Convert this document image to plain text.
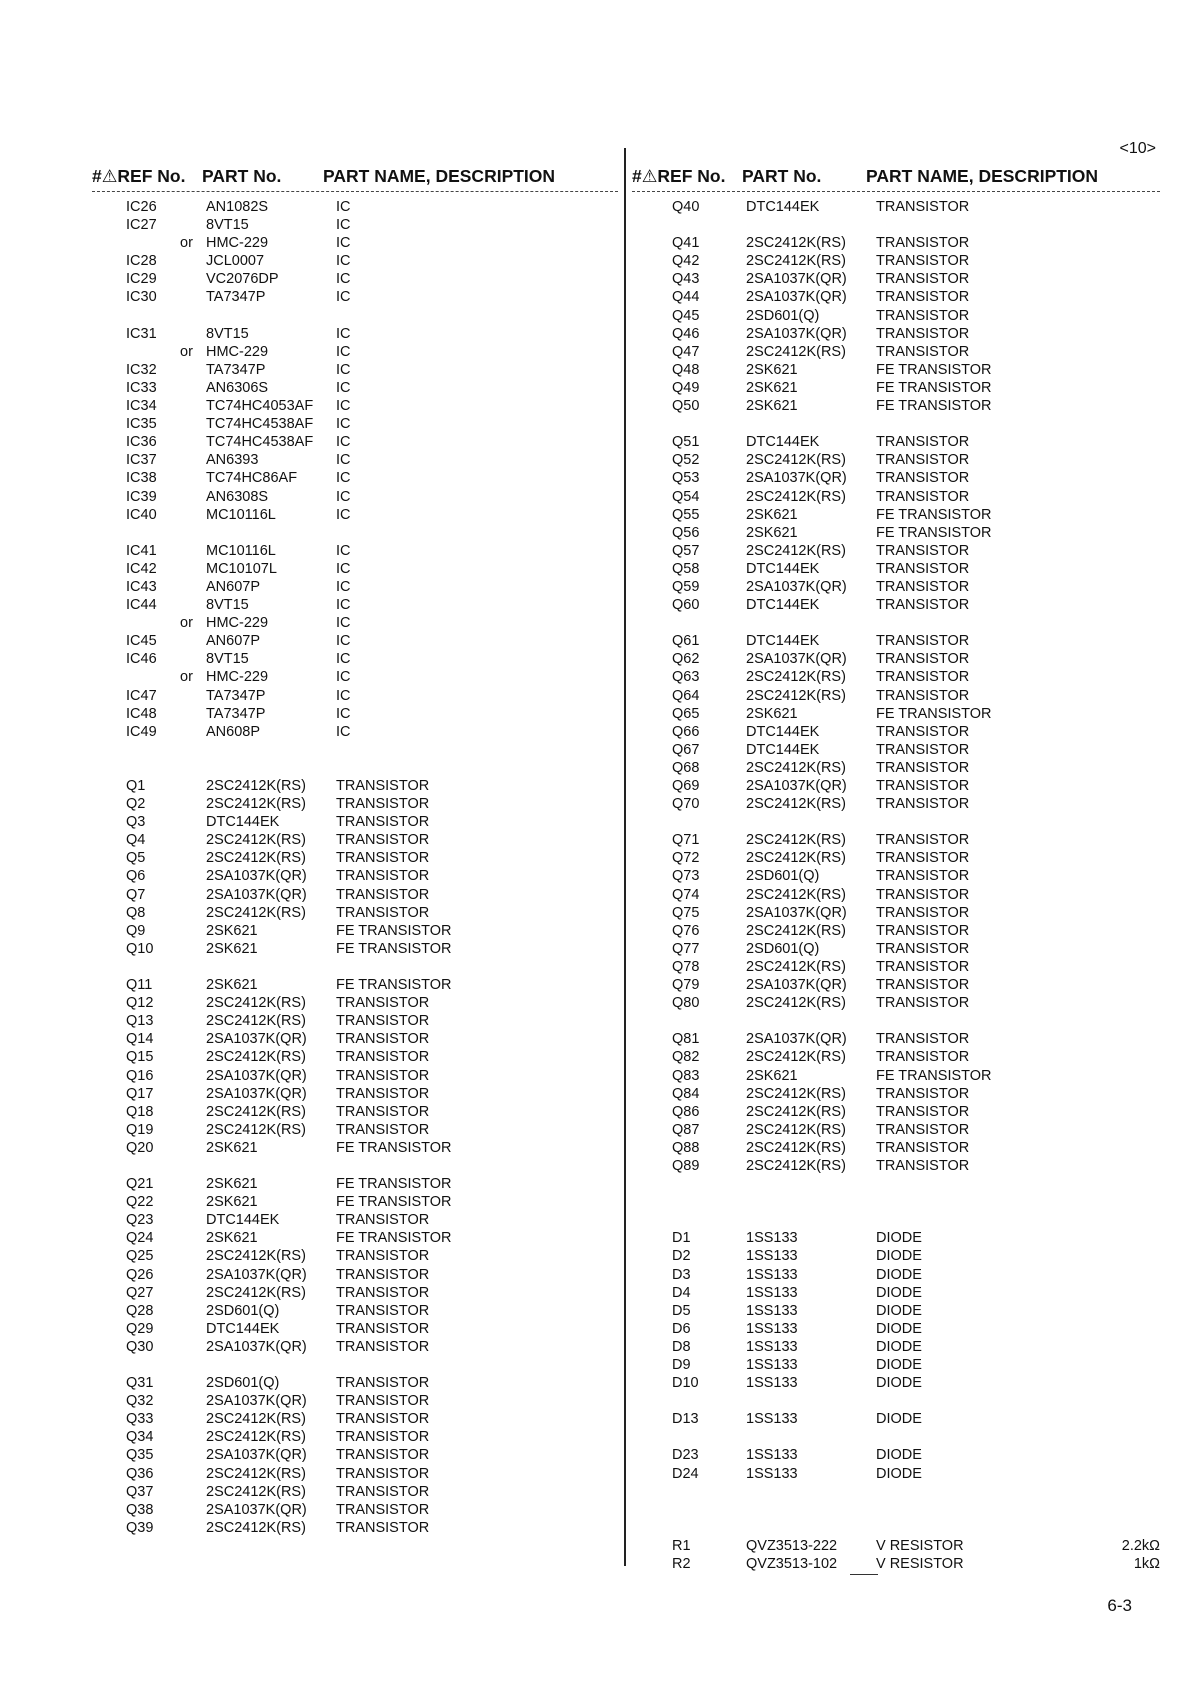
<10>
#⚠REF No. PART No. PART NAME, DESCRIPTION
IC26	AN1082S	IC
IC27	8VT15	IC
or HMC-229	IC
IC28	JCL0007	IC
IC29	VC2076DP	IC
IC30	TA7347P	IC
IC31	8VT15	IC
or HMC-229	IC
IC32	TA7347P	IC
IC33	AN6306S	IC
IC34	TC74HC4053AF IC
IC35	TC74HC4538AF IC
IC36	TC74HC4538AF IC
IC37	AN6393	IC
IC38	TC74HC86AF	IC
IC39	AN6308S	IC
IC40	MC10116L	IC
IC41	MC10116L	IC
IC42	MC10107L	IC
IC43	AN607P	IC
IC44	8VT15	IC
or HMC-229	IC
IC45	AN607P	IC
IC46	8VT15	IC
or HMC-229	IC
IC47	TA7347P	IC
IC48	TA7347P	IC
IC49	AN608P	IC
Q1	2SC2412K(RS) TRANSISTOR
Q2	2SC2412K(RS) TRANSISTOR
Q3	DTC144EK	TRANSISTOR
Q4	2SC2412K(RS) TRANSISTOR
Q5	2SC2412K(RS) TRANSISTOR
Q6	2SA1037K(QR) TRANSISTOR
Q7	2SA1037K(QR) TRANSISTOR
Q8	2SC2412K(RS) TRANSISTOR
Q9	2SK621	FE TRANSISTOR
Q10	2SK621	FE TRANSISTOR
Q11	2SK621	FE TRANSISTOR
Q12	2SC2412K(RS) TRANSISTOR
Q13	2SC2412K(RS) TRANSISTOR
Q14	2SA1037K(QR) TRANSISTOR
Q15	2SC2412K(RS) TRANSISTOR
Q16	2SA1037K(QR) TRANSISTOR
Q17	2SA1037K(QR) TRANSISTOR
Q18	2SC2412K(RS) TRANSISTOR
Q19	2SC2412K(RS) TRANSISTOR
Q20	2SK621	FE TRANSISTOR
Q21	2SK621	FE TRANSISTOR
Q22	2SK621	FE TRANSISTOR
Q23	DTC144EK	TRANSISTOR
Q24	2SK621	FE TRANSISTOR
Q25	2SC2412K(RS) TRANSISTOR
Q26	2SA1037K(QR) TRANSISTOR
Q27	2SC2412K(RS) TRANSISTOR
Q28	2SD601(Q)	TRANSISTOR
Q29	DTC144EK	TRANSISTOR
Q30	2SA1037K(QR) TRANSISTOR
Q31	2SD601(Q)	TRANSISTOR
Q32	2SA1037K(QR) TRANSISTOR
Q33	2SC2412K(RS) TRANSISTOR
Q34	2SC2412K(RS) TRANSISTOR
Q35	2SA1037K(QR) TRANSISTOR
Q36	2SC2412K(RS) TRANSISTOR
Q37	2SC2412K(RS) TRANSISTOR
Q38	2SA1037K(QR) TRANSISTOR
Q39	2SC2412K(RS) TRANSISTOR
#⚠REF No. PART No.	PART NAME, DESCRIPTION
Q40	DTC144EK	TRANSISTOR
Q41	2SC2412K(RS) TRANSISTOR
Q42	2SC2412K(RS) TRANSISTOR
Q43	2SA1037K(QR) TRANSISTOR
Q44	2SA1037K(QR) TRANSISTOR
Q45	2SD601(Q)	TRANSISTOR
Q46	2SA1037K(QR) TRANSISTOR
Q47	2SC2412K(RS) TRANSISTOR
Q48	2SK621	FE TRANSISTOR
Q49	2SK621	FE TRANSISTOR
Q50	2SK621	FE TRANSISTOR
Q51	DTC144EK	TRANSISTOR
Q52	2SC2412K(RS) TRANSISTOR
Q53	2SA1037K(QR) TRANSISTOR
Q54	2SC2412K(RS) TRANSISTOR
Q55	2SK621	FE TRANSISTOR
Q56	2SK621	FE TRANSISTOR
Q57	2SC2412K(RS) TRANSISTOR
Q58	DTC144EK	TRANSISTOR
Q59	2SA1037K(QR) TRANSISTOR
Q60	DTC144EK	TRANSISTOR
Q61	DTC144EK	TRANSISTOR
Q62	2SA1037K(QR) TRANSISTOR
Q63	2SC2412K(RS) TRANSISTOR
Q64	2SC2412K(RS) TRANSISTOR
Q65	2SK621	FE TRANSISTOR
Q66	DTC144EK	TRANSISTOR
Q67	DTC144EK	TRANSISTOR
Q68	2SC2412K(RS) TRANSISTOR
Q69	2SA1037K(QR) TRANSISTOR
Q70	2SC2412K(RS) TRANSISTOR
Q71	2SC2412K(RS) TRANSISTOR
Q72	2SC2412K(RS) TRANSISTOR
Q73	2SD601(Q)	TRANSISTOR
Q74	2SC2412K(RS) TRANSISTOR
Q75	2SA1037K(QR) TRANSISTOR
Q76	2SC2412K(RS) TRANSISTOR
Q77	2SD601(Q)	TRANSISTOR
Q78	2SC2412K(RS) TRANSISTOR
Q79	2SA1037K(QR) TRANSISTOR
Q80	2SC2412K(RS) TRANSISTOR
Q81	2SA1037K(QR) TRANSISTOR
Q82	2SC2412K(RS) TRANSISTOR
Q83	2SK621	FE TRANSISTOR
Q84	2SC2412K(RS) TRANSISTOR
Q86	2SC2412K(RS) TRANSISTOR
Q87	2SC2412K(RS) TRANSISTOR
Q88	2SC2412K(RS) TRANSISTOR
Q89	2SC2412K(RS) TRANSISTOR
D1	1SS133	DIODE
D2	1SS133	DIODE
D3	1SS133	DIODE
D4	1SS133	DIODE
D5	1SS133	DIODE
D6	1SS133	DIODE
D8	1SS133	DIODE
D9	1SS133	DIODE
D10	1SS133	DIODE
D13	1SS133	DIODE
D23	1SS133	DIODE
D24	1SS133	DIODE
R1	QVZ3513-222	V RESISTOR	2.2kΩ
R2	QVZ3513-102	V RESISTOR	1kΩ
6-3
